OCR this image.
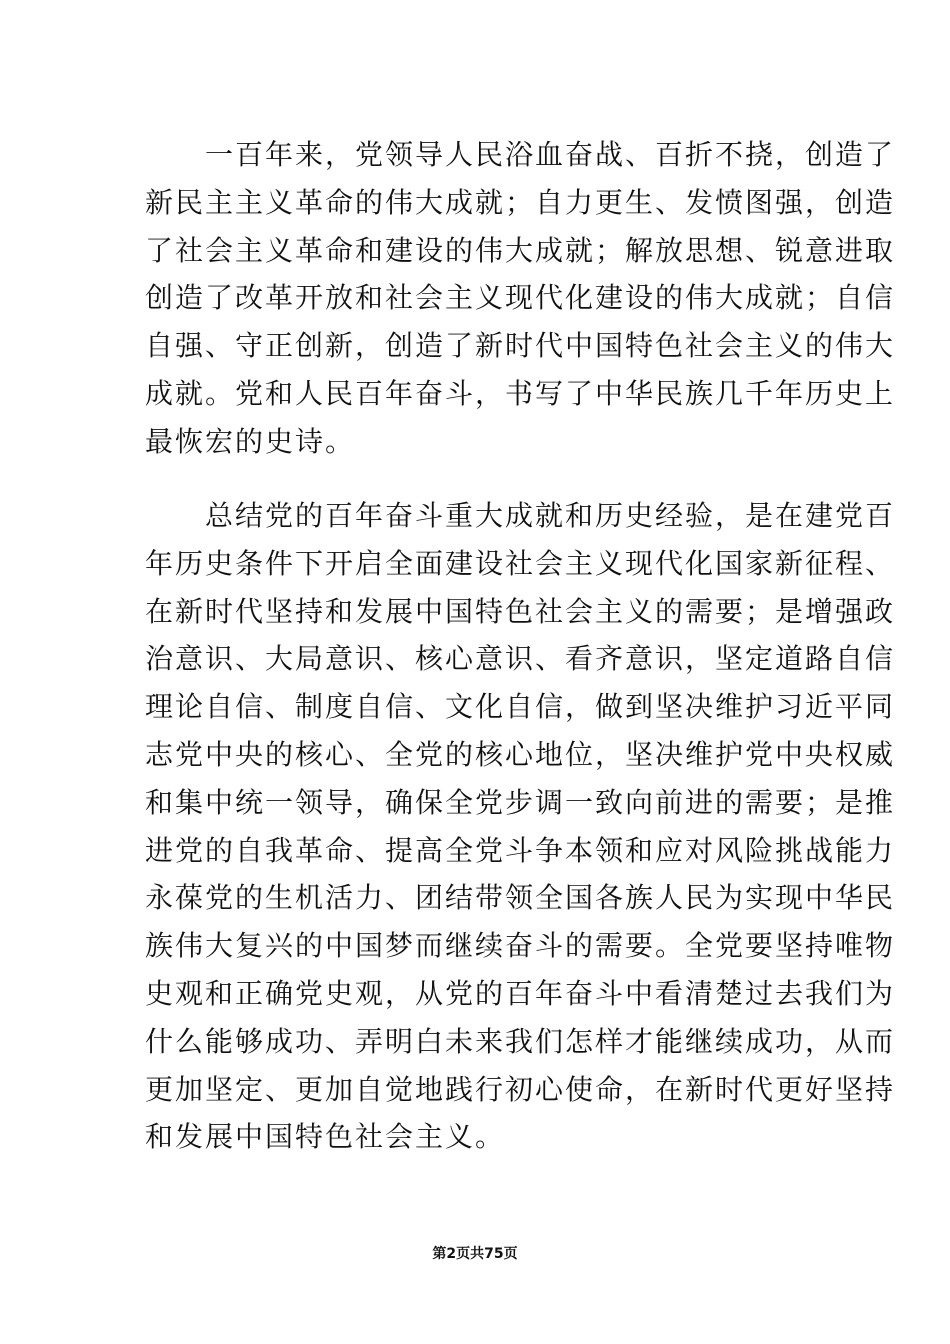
一百年来，党领导人民浴血奋战、百折不挠，创造了
新民主主义革命的伟大成就；自力更生、发愤图强，创造
了社会主义革命和建设的伟大成就；解放思想、锐意进取
创造了改革开放和社会主义现代化建设的伟大成就；自信
自强、守正创新，创造了新时代中国特色社会主义的伟大
成就。党和人民百年奋斗，书写了中华民族几千年历史上
最恢宏的史诗。
总结党的百年奋斗重大成就和历史经验，是在建党百
年历史条件下开启全面建设社会主义现代化国家新征程、
在新时代坚持和发展中国特色社会主义的需要；是增强政
治意识、大局意识、核心意识、看齐意识，坚定道路自信
理论自信、制度自信、文化自信，做到坚决维护习近平同
志党中央的核心、全党的核心地位，坚决维护党中央权威
和集中统一领导，确保全党步调一致向前进的需要；是推
进党的自我革命、提高全党斗争本领和应对风险挑战能力
永葆党的生机活力、团结带领全国各族人民为实现中华民
族伟大复兴的中国梦而继续奋斗的需要。全党要坚持唯物
史观和正确党史观，从党的百年奋斗中看清楚过去我们为
什么能够成功、弄明白未来我们怎样才能继续成功，从而
更加坚定、更加自觉地践行初心使命，在新时代更好坚持
和发展中国特色社会主义。
第2页共75页
